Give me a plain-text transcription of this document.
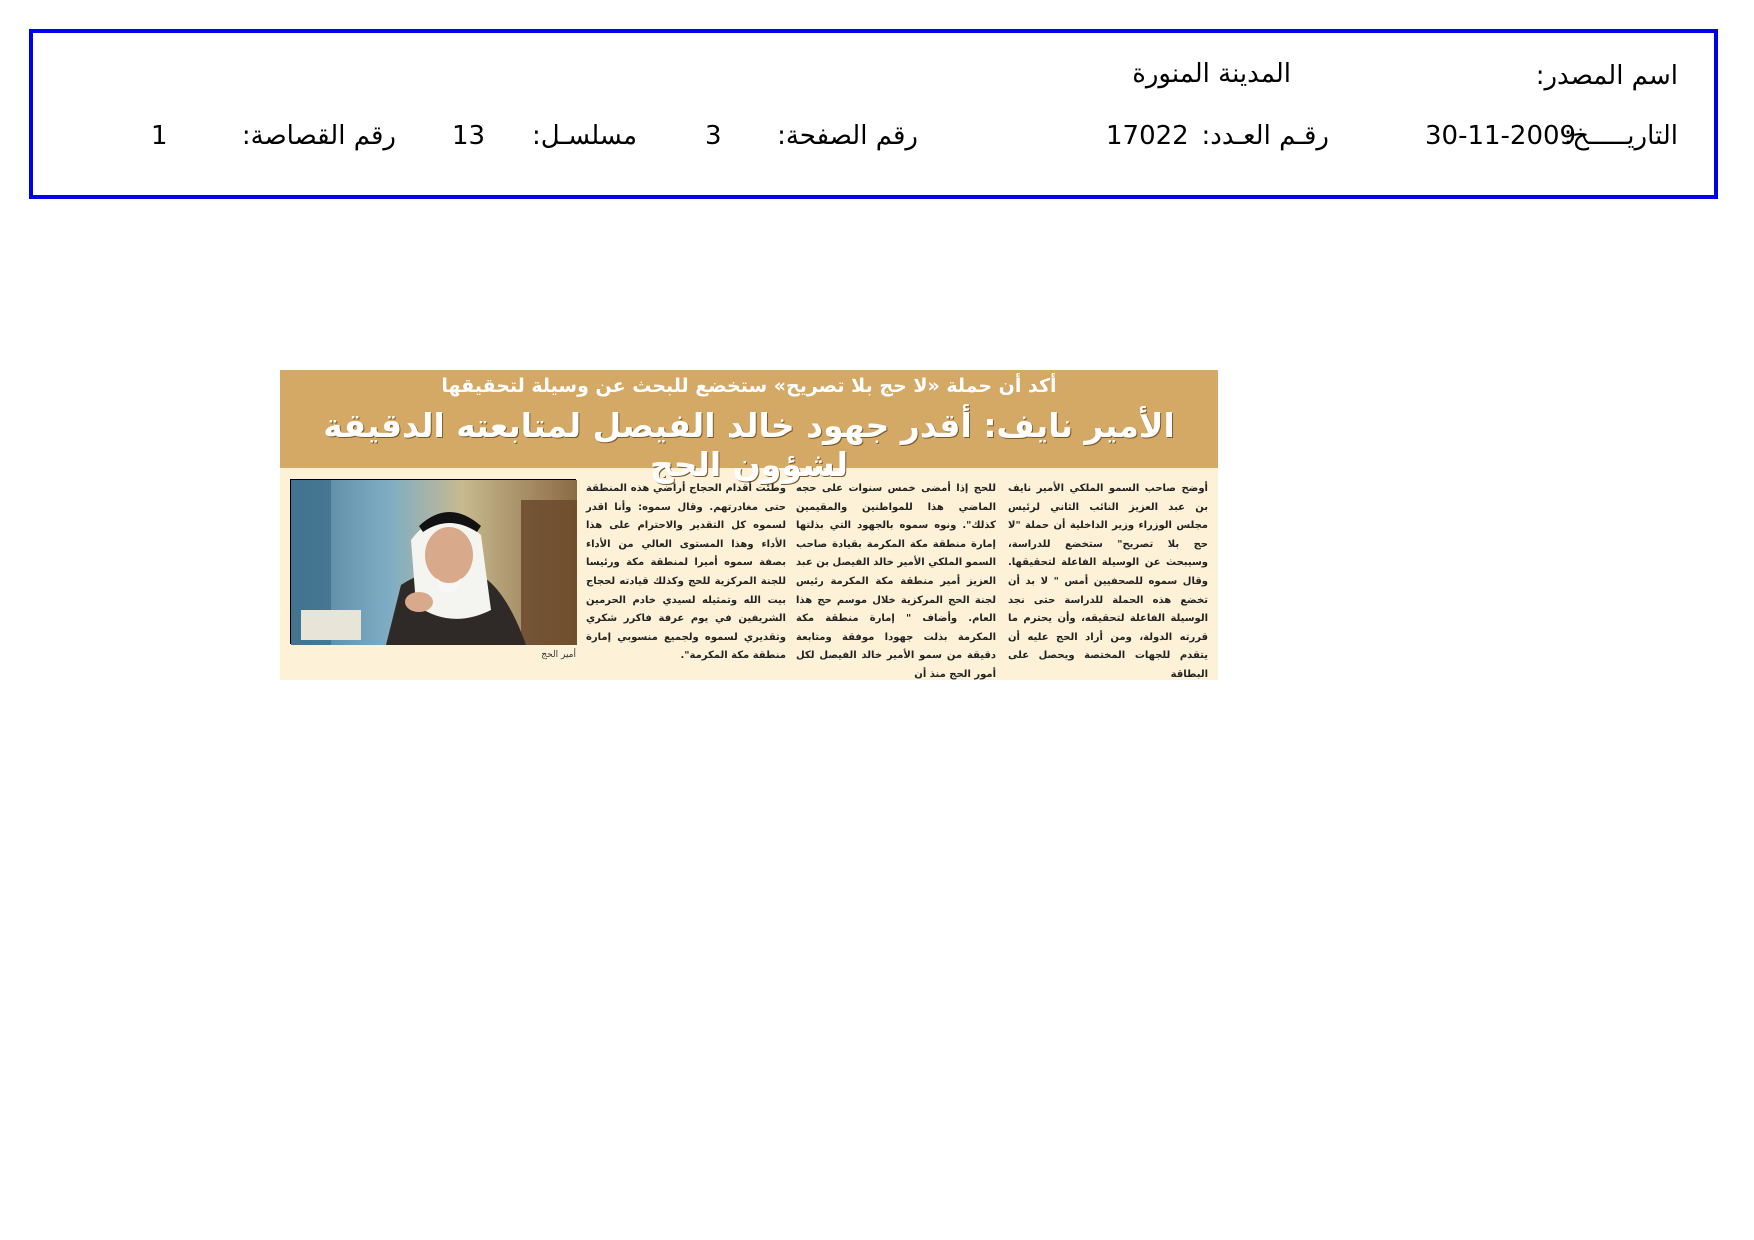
اسم المصدر:
المدينة المنورة
التاريـــــخ:
30-11-2009
رقـم العـدد:
17022
رقم الصفحة:
3
مسلسـل:
13
رقم القصاصة:
1
أكد أن حملة «لا حج بلا تصريح» ستخضع للبحث عن وسيلة لتحقيقها
الأمير نايف: أقدر جهود خالد الفيصل لمتابعته الدقيقة لشؤون الحج
أوضح صاحب السمو الملكي الأمير نايف بن عبد العزيز النائب الثاني لرئيس مجلس الوزراء وزير الداخلية أن حملة "لا حج بلا تصريح" ستخضع للدراسة، وسيبحث عن الوسيلة الفاعلة لتحقيقها. وقال سموه للصحفيين أمس " لا بد أن تخضع هذه الحملة للدراسة حتى نجد الوسيلة الفاعلة لتحقيقه، وأن يحترم ما قررته الدولة، ومن أراد الحج عليه أن يتقدم للجهات المختصة ويحصل على البطاقة
للحج إذا أمضى خمس سنوات على حجه الماضي هذا للمواطنين والمقيمين كذلك". ونوه سموه بالجهود التي بذلتها إمارة منطقة مكة المكرمة بقيادة صاحب السمو الملكي الأمير خالد الفيصل بن عبد العزيز أمير منطقة مكة المكرمة رئيس لجنة الحج المركزية خلال موسم حج هذا العام. وأضاف " إمارة منطقة مكة المكرمة بذلت جهودا موفقة ومتابعة دقيقة من سمو الأمير خالد الفيصل لكل أمور الحج منذ أن
وطئت أقدام الحجاج أراضي هذه المنطقة حتى مغادرتهم. وقال سموه: وأنا اقدر لسموه كل التقدير والاحترام على هذا الأداء وهذا المستوى العالي من الأداء بصفة سموه أميرا لمنطقة مكة ورئيسا للجنة المركزية للحج وكذلك قيادته لحجاج بيت الله وتمثيله لسيدي خادم الحرمين الشريفين في يوم عرفة فاكرر شكري وتقديري لسموه ولجميع منسوبي إمارة منطقة مكة المكرمة".
أمير الحج
